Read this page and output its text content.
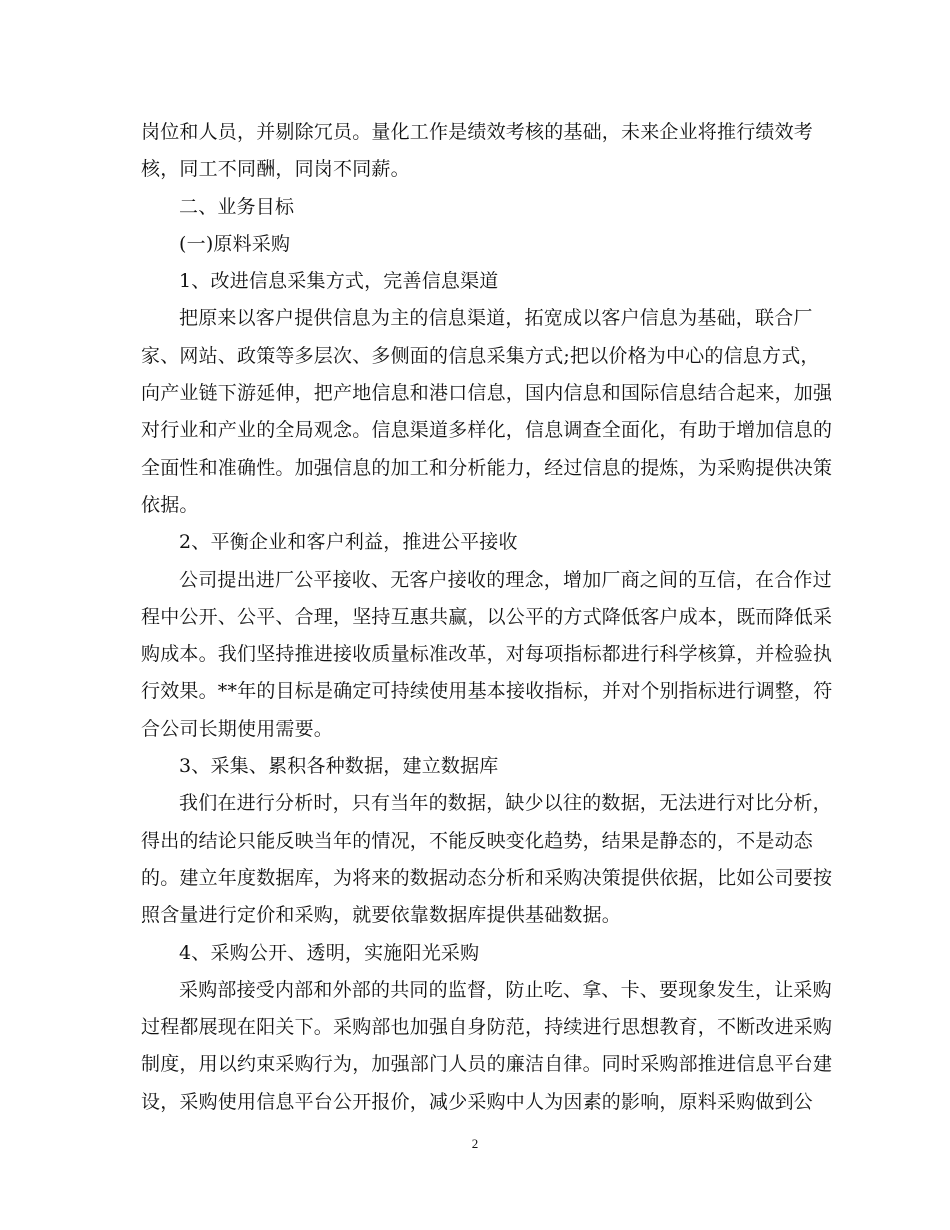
岗位和人员，并剔除冗员。量化工作是绩效考核的基础，未来企业将推行绩效考
核，同工不同酬，同岗不同薪。
二、业务目标
(一)原料采购
1、改进信息采集方式，完善信息渠道
把原来以客户提供信息为主的信息渠道，拓宽成以客户信息为基础，联合厂
家、网站、政策等多层次、多侧面的信息采集方式;把以价格为中心的信息方式，
向产业链下游延伸，把产地信息和港口信息，国内信息和国际信息结合起来，加强
对行业和产业的全局观念。信息渠道多样化，信息调查全面化，有助于增加信息的
全面性和准确性。加强信息的加工和分析能力，经过信息的提炼，为采购提供决策
依据。
2、平衡企业和客户利益，推进公平接收
公司提出进厂公平接收、无客户接收的理念，增加厂商之间的互信，在合作过
程中公开、公平、合理，坚持互惠共赢，以公平的方式降低客户成本，既而降低采
购成本。我们坚持推进接收质量标准改革，对每项指标都进行科学核算，并检验执
行效果。**年的目标是确定可持续使用基本接收指标，并对个别指标进行调整，符
合公司长期使用需要。
3、采集、累积各种数据，建立数据库
我们在进行分析时，只有当年的数据，缺少以往的数据，无法进行对比分析，
得出的结论只能反映当年的情况，不能反映变化趋势，结果是静态的，不是动态
的。建立年度数据库，为将来的数据动态分析和采购决策提供依据，比如公司要按
照含量进行定价和采购，就要依靠数据库提供基础数据。
4、采购公开、透明，实施阳光采购
采购部接受内部和外部的共同的监督，防止吃、拿、卡、要现象发生，让采购
过程都展现在阳关下。采购部也加强自身防范，持续进行思想教育，不断改进采购
制度，用以约束采购行为，加强部门人员的廉洁自律。同时采购部推进信息平台建
设，采购使用信息平台公开报价，减少采购中人为因素的影响，原料采购做到公
2
